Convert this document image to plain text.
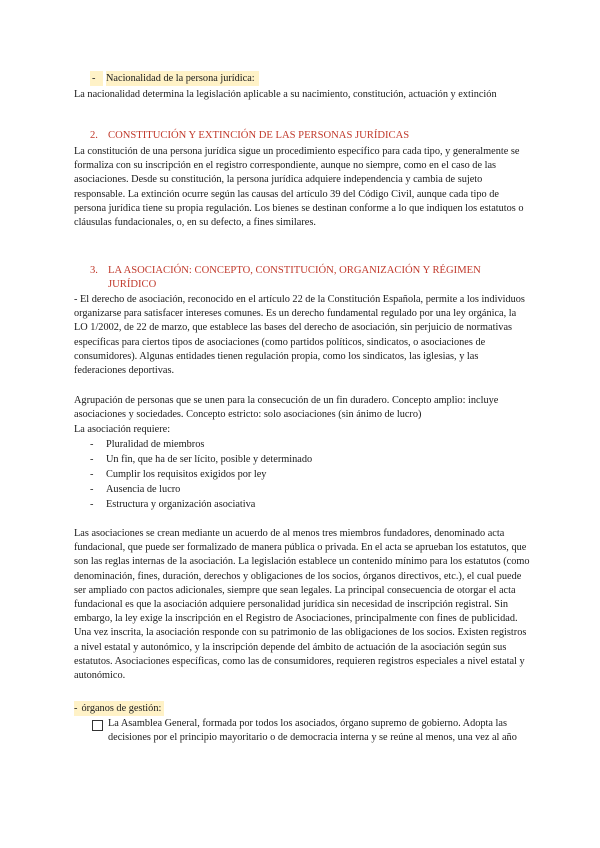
-	Nacionalidad de la persona jurídica:

La nacionalidad determina la legislación aplicable a su nacimiento, constitución, actuación y extinción

2. CONSTITUCIÓN Y EXTINCIÓN DE LAS PERSONAS JURÍDICAS

La constitución de una persona jurídica sigue un procedimiento específico para cada tipo, y generalmente se formaliza con su inscripción en el registro correspondiente, aunque no siempre, como en el caso de las asociaciones. Desde su constitución, la persona jurídica adquiere independencia y cambia de sujeto responsable. La extinción ocurre según las causas del artículo 39 del Código Civil, aunque cada tipo de persona jurídica tiene su propia regulación. Los bienes se destinan conforme a lo que indiquen los estatutos o cláusulas fundacionales, o, en su defecto, a fines similares.

3. LA ASOCIACIÓN: CONCEPTO, CONSTITUCIÓN, ORGANIZACIÓN Y RÉGIMEN JURÍDICO

- El derecho de asociación, reconocido en el artículo 22 de la Constitución Española, permite a los individuos organizarse para satisfacer intereses comunes. Es un derecho fundamental regulado por una ley orgánica, la LO 1/2002, de 22 de marzo, que establece las bases del derecho de asociación, sin perjuicio de normativas específicas para ciertos tipos de asociaciones (como partidos políticos, sindicatos, o asociaciones de consumidores). Algunas entidades tienen regulación propia, como los sindicatos, las iglesias, y las federaciones deportivas.

Agrupación de personas que se unen para la consecución de un fin duradero. Concepto amplio: incluye asociaciones y sociedades. Concepto estricto: solo asociaciones (sin ánimo de lucro)

La asociación requiere:

- Pluralidad de miembros
- Un fin, que ha de ser lícito, posible y determinado
- Cumplir los requisitos exigidos por ley
- Ausencia de lucro
- Estructura y organización asociativa

Las asociaciones se crean mediante un acuerdo de al menos tres miembros fundadores, denominado acta fundacional, que puede ser formalizado de manera pública o privada. En el acta se aprueban los estatutos, que son las reglas internas de la asociación. La legislación establece un contenido mínimo para los estatutos (como denominación, fines, duración, derechos y obligaciones de los socios, órganos directivos, etc.), el cual puede ser ampliado con pactos adicionales, siempre que sean legales. La principal consecuencia de otorgar el acta fundacional es que la asociación adquiere personalidad jurídica sin necesidad de inscripción registral. Sin embargo, la ley exige la inscripción en el Registro de Asociaciones, principalmente con fines de publicidad. Una vez inscrita, la asociación responde con su patrimonio de las obligaciones de los socios. Existen registros a nivel estatal y autonómico, y la inscripción depende del ámbito de actuación de la asociación según sus estatutos. Asociaciones específicas, como las de consumidores, requieren registros especiales a nivel estatal y autonómico.

- órganos de gestión:

La Asamblea General, formada por todos los asociados, órgano supremo de gobierno. Adopta las decisiones por el principio mayoritario o de democracia interna y se reúne al menos, una vez al año
